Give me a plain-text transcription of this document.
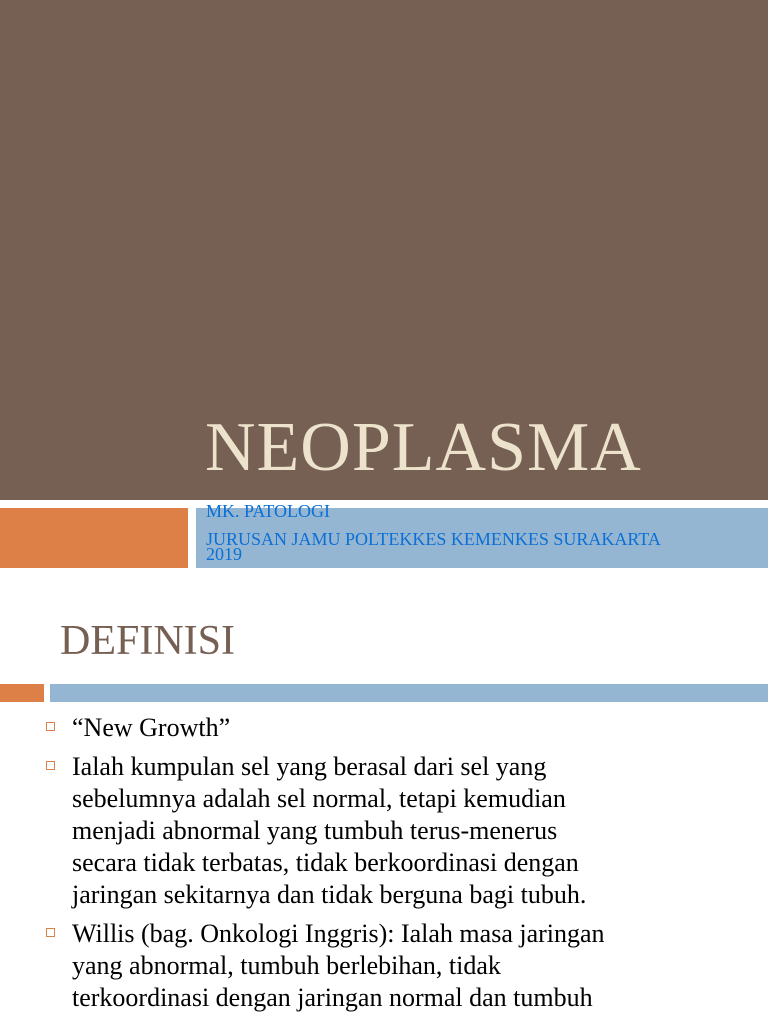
NEOPLASMA
MK. PATOLOGI
JURUSAN JAMU POLTEKKES KEMENKES SURAKARTA
2019
DEFINISI
“New Growth”
Ialah kumpulan sel yang berasal dari sel yang
sebelumnya adalah sel normal, tetapi kemudian
menjadi abnormal yang tumbuh terus-menerus
secara tidak terbatas, tidak berkoordinasi dengan
jaringan sekitarnya dan tidak berguna bagi tubuh.
Willis (bag. Onkologi Inggris): Ialah masa jaringan
yang abnormal, tumbuh berlebihan, tidak
terkoordinasi dengan jaringan normal dan tumbuh
